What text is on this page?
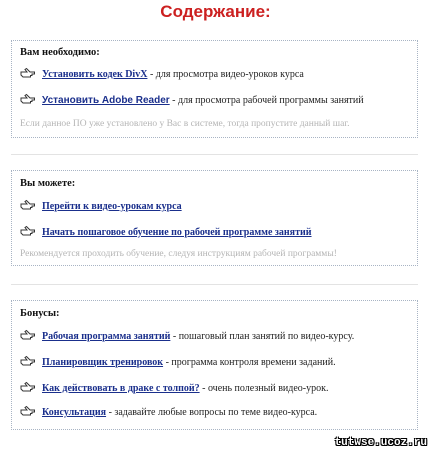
Содержание:
Вам необходимо:
Установить кодек DivX - для просмотра видео-уроков курса
Установить Adobe Reader - для просмотра рабочей программы занятий
Если данное ПО уже установлено у Вас в системе, тогда пропустите данный шаг.
Вы можете:
Перейти к видео-урокам курса
Начать пошаговое обучение по рабочей программе занятий
Рекомендуется проходить обучение, следуя инструкциям рабочей программы!
Бонусы:
Рабочая программа занятий - пошаговый план занятий по видео-курсу.
Планировщик тренировок - программа контроля времени заданий.
Как действовать в драке с толпой? - очень полезный видео-урок.
Консультация - задавайте любые вопросы по теме видео-курса.
tutwse.ucoz.ru
